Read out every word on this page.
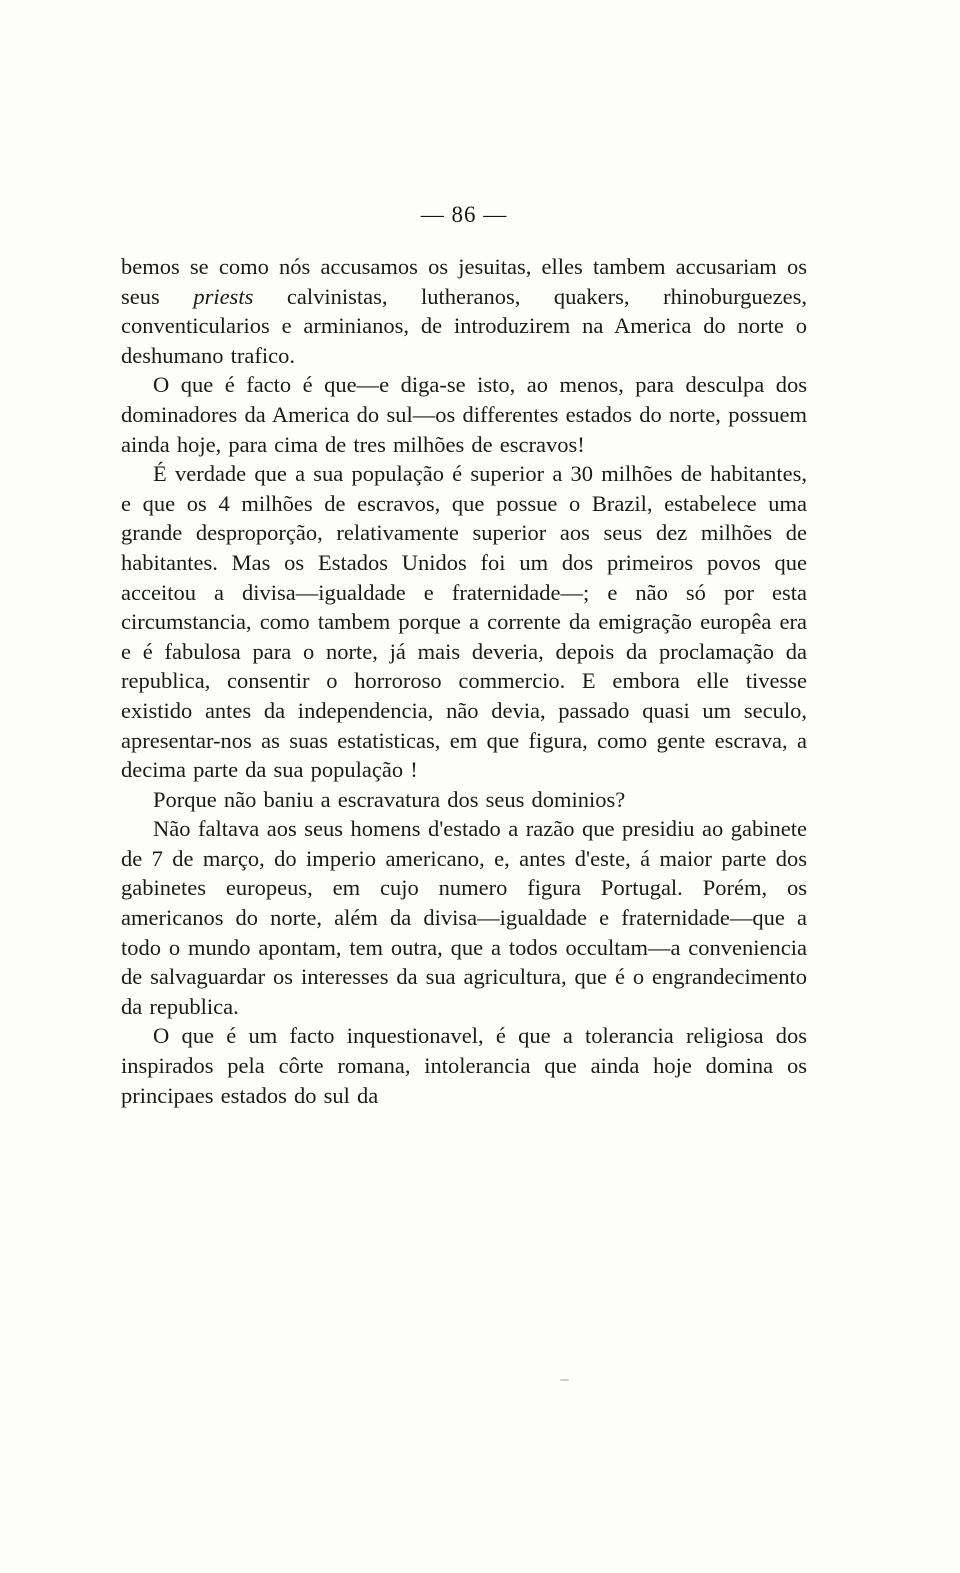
— 86 —

bemos se como nós accusamos os jesuitas, elles tambem accusariam os seus priests calvinistas, lutheranos, quakers, rhinoburguezes, conventicularios e arminianos, de introduzirem na America do norte o deshumano trafico.

O que é facto é que—e diga-se isto, ao menos, para desculpa dos dominadores da America do sul—os differentes estados do norte, possuem ainda hoje, para cima de tres milhões de escravos!

É verdade que a sua população é superior a 30 milhões de habitantes, e que os 4 milhões de escravos, que possue o Brazil, estabelece uma grande desproporção, relativamente superior aos seus dez milhões de habitantes. Mas os Estados Unidos foi um dos primeiros povos que acceitou a divisa—igualdade e fraternidade—; e não só por esta circumstancia, como tambem porque a corrente da emigração europêa era e é fabulosa para o norte, já mais deveria, depois da proclamação da republica, consentir o horroroso commercio. E embora elle tivesse existido antes da independencia, não devia, passado quasi um seculo, apresentar-nos as suas estatisticas, em que figura, como gente escrava, a decima parte da sua população !

Porque não baniu a escravatura dos seus dominios?

Não faltava aos seus homens d'estado a razão que presidiu ao gabinete de 7 de março, do imperio americano, e, antes d'este, á maior parte dos gabinetes europeus, em cujo numero figura Portugal. Porém, os americanos do norte, além da divisa—igualdade e fraternidade—que a todo o mundo apontam, tem outra, que a todos occultam—a conveniencia de salvaguardar os interesses da sua agricultura, que é o engrandecimento da republica.

O que é um facto inquestionavel, é que a tolerancia religiosa dos inspirados pela côrte romana, intolerancia que ainda hoje domina os principaes estados do sul da
